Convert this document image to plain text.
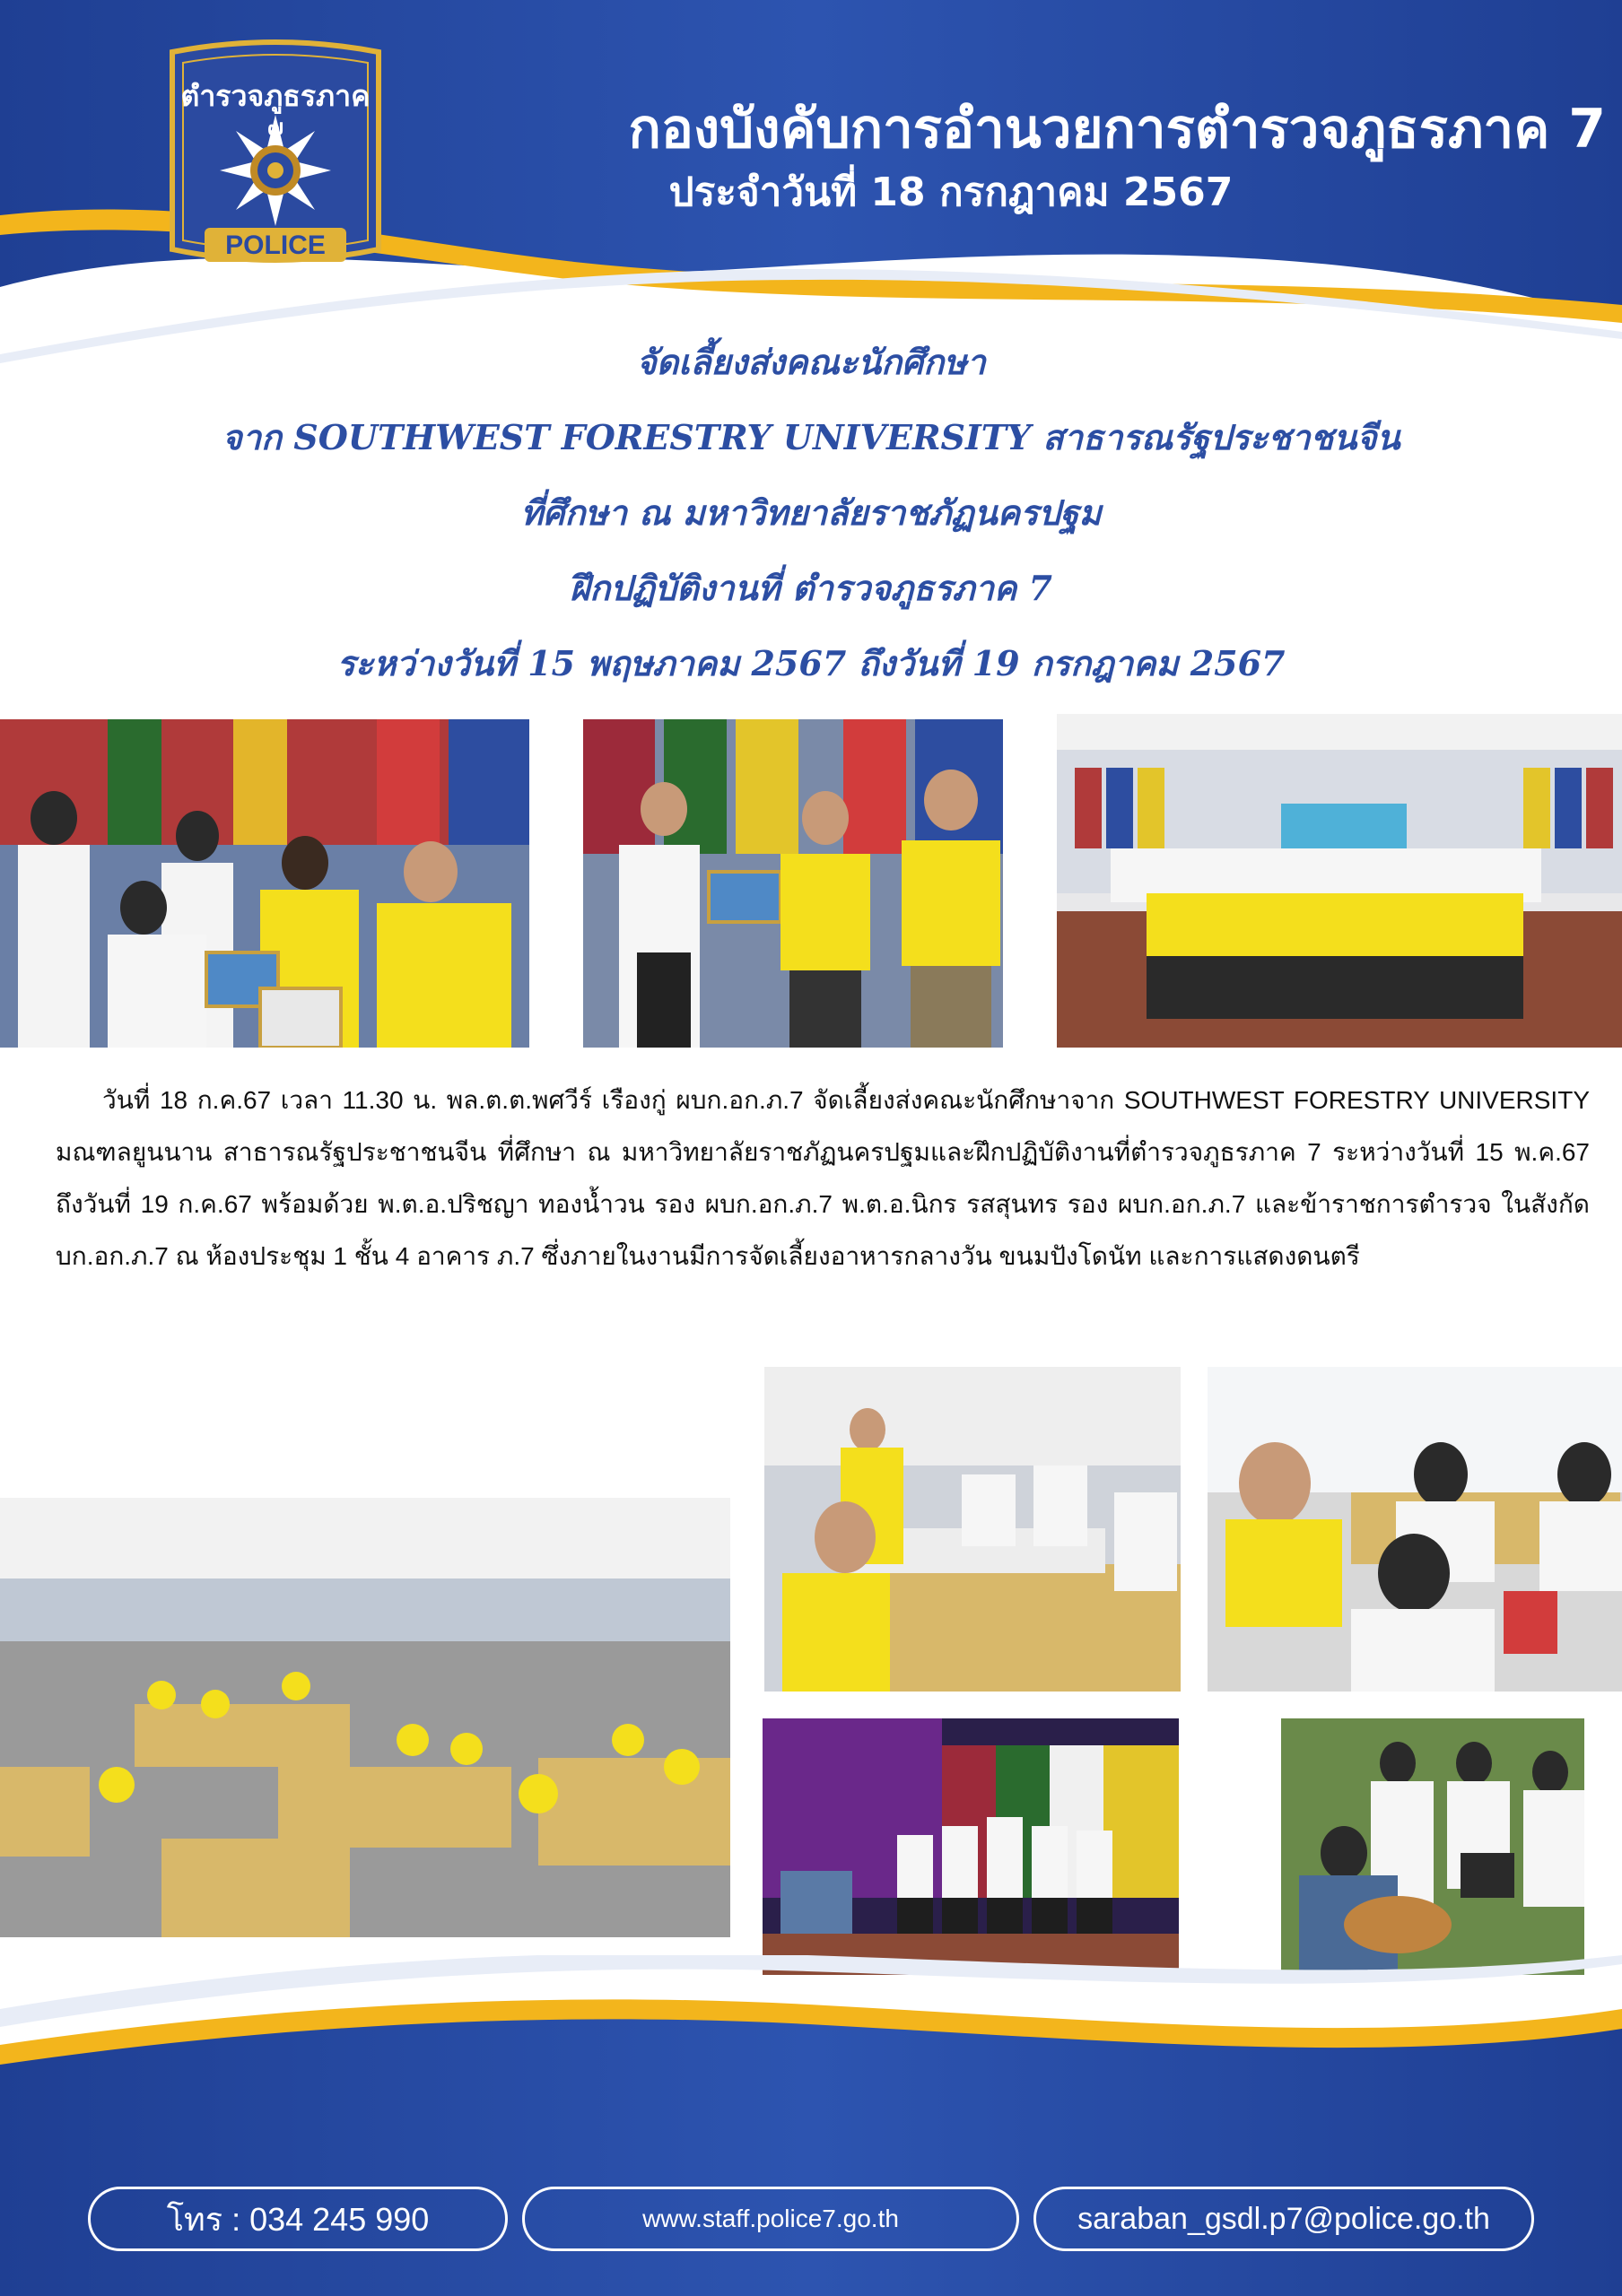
ตำรวจภูธรภาค
๗
POLICE
กองบังคับการอำนวยการตำรวจภูธรภาค 7
ประจำวันที่ 18 กรกฎาคม 2567
จัดเลี้ยงส่งคณะนักศึกษา
จาก SOUTHWEST FORESTRY UNIVERSITY สาธารณรัฐประชาชนจีน
ที่ศึกษา ณ มหาวิทยาลัยราชภัฏนครปฐม
ฝึกปฏิบัติงานที่ ตำรวจภูธรภาค 7
ระหว่างวันที่ 15 พฤษภาคม 2567 ถึงวันที่ 19 กรกฎาคม 2567

วันที่ 18 ก.ค.67 เวลา 11.30 น. พล.ต.ต.พศวีร์ เรืองกู่ ผบก.อก.ภ.7 จัดเลี้ยงส่งคณะนักศึกษาจาก SOUTHWEST FORESTRY UNIVERSITY มณฑลยูนนาน สาธารณรัฐประชาชนจีน ที่ศึกษา ณ มหาวิทยาลัยราชภัฏนครปฐมและฝึกปฏิบัติงานที่ตำรวจภูธรภาค 7 ระหว่างวันที่ 15 พ.ค.67 ถึงวันที่ 19 ก.ค.67 พร้อมด้วย พ.ต.อ.ปริชญา ทองน้ำวน รอง ผบก.อก.ภ.7 พ.ต.อ.นิกร รสสุนทร รอง ผบก.อก.ภ.7 และข้าราชการตำรวจ ในสังกัด บก.อก.ภ.7 ณ ห้องประชุม 1 ชั้น 4 อาคาร ภ.7 ซึ่งภายในงานมีการจัดเลี้ยงอาหารกลางวัน ขนมปังโดนัท และการแสดงดนตรี

โทร : 034 245 990	www.staff.police7.go.th	saraban_gsdl.p7@police.go.th
